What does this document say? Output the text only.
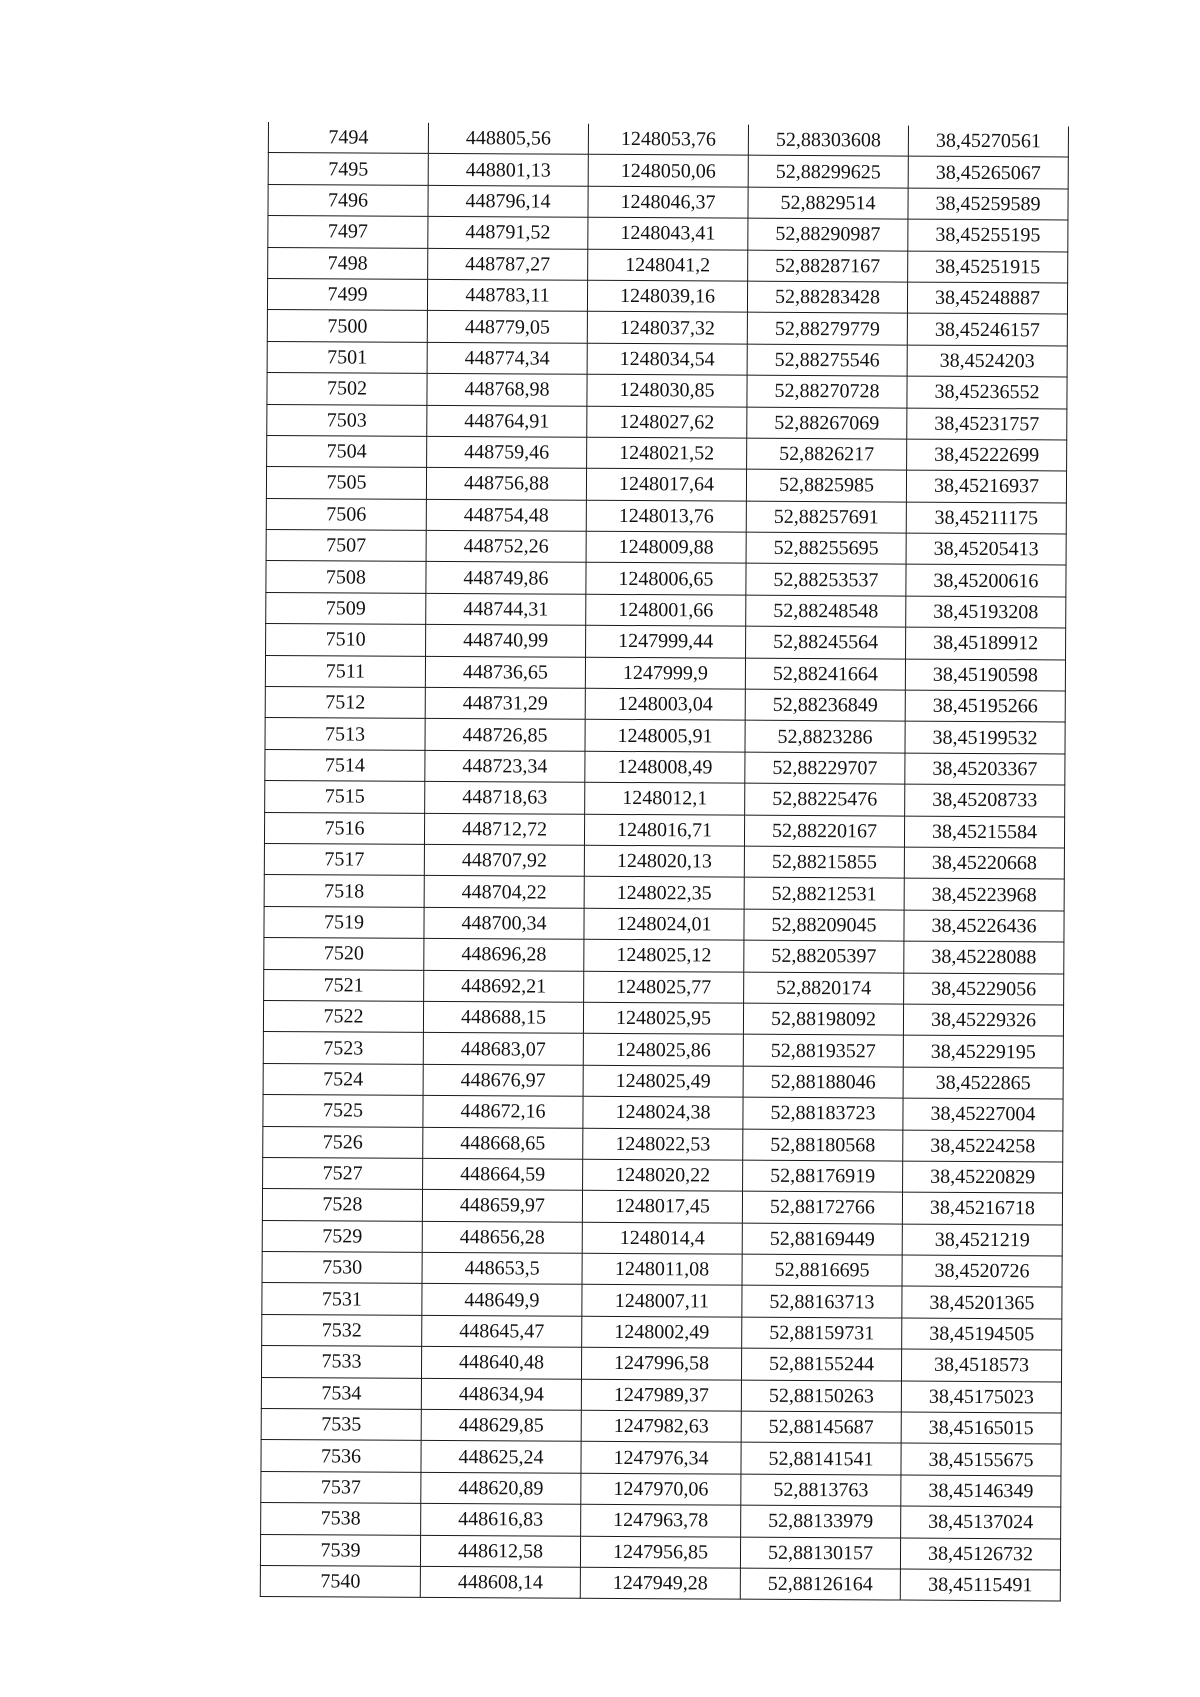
7494	448805,56	1248053,76	52,88303608	38,45270561
7495	448801,13	1248050,06	52,88299625	38,45265067
7496	448796,14	1248046,37	52,8829514	38,45259589
7497	448791,52	1248043,41	52,88290987	38,45255195
7498	448787,27	1248041,2	52,88287167	38,45251915
7499	448783,11	1248039,16	52,88283428	38,45248887
7500	448779,05	1248037,32	52,88279779	38,45246157
7501	448774,34	1248034,54	52,88275546	38,4524203
7502	448768,98	1248030,85	52,88270728	38,45236552
7503	448764,91	1248027,62	52,88267069	38,45231757
7504	448759,46	1248021,52	52,8826217	38,45222699
7505	448756,88	1248017,64	52,8825985	38,45216937
7506	448754,48	1248013,76	52,88257691	38,45211175
7507	448752,26	1248009,88	52,88255695	38,45205413
7508	448749,86	1248006,65	52,88253537	38,45200616
7509	448744,31	1248001,66	52,88248548	38,45193208
7510	448740,99	1247999,44	52,88245564	38,45189912
7511	448736,65	1247999,9	52,88241664	38,45190598
7512	448731,29	1248003,04	52,88236849	38,45195266
7513	448726,85	1248005,91	52,8823286	38,45199532
7514	448723,34	1248008,49	52,88229707	38,45203367
7515	448718,63	1248012,1	52,88225476	38,45208733
7516	448712,72	1248016,71	52,88220167	38,45215584
7517	448707,92	1248020,13	52,88215855	38,45220668
7518	448704,22	1248022,35	52,88212531	38,45223968
7519	448700,34	1248024,01	52,88209045	38,45226436
7520	448696,28	1248025,12	52,88205397	38,45228088
7521	448692,21	1248025,77	52,8820174	38,45229056
7522	448688,15	1248025,95	52,88198092	38,45229326
7523	448683,07	1248025,86	52,88193527	38,45229195
7524	448676,97	1248025,49	52,88188046	38,4522865
7525	448672,16	1248024,38	52,88183723	38,45227004
7526	448668,65	1248022,53	52,88180568	38,45224258
7527	448664,59	1248020,22	52,88176919	38,45220829
7528	448659,97	1248017,45	52,88172766	38,45216718
7529	448656,28	1248014,4	52,88169449	38,4521219
7530	448653,5	1248011,08	52,8816695	38,4520726
7531	448649,9	1248007,11	52,88163713	38,45201365
7532	448645,47	1248002,49	52,88159731	38,45194505
7533	448640,48	1247996,58	52,88155244	38,4518573
7534	448634,94	1247989,37	52,88150263	38,45175023
7535	448629,85	1247982,63	52,88145687	38,45165015
7536	448625,24	1247976,34	52,88141541	38,45155675
7537	448620,89	1247970,06	52,8813763	38,45146349
7538	448616,83	1247963,78	52,88133979	38,45137024
7539	448612,58	1247956,85	52,88130157	38,45126732
7540	448608,14	1247949,28	52,88126164	38,45115491
